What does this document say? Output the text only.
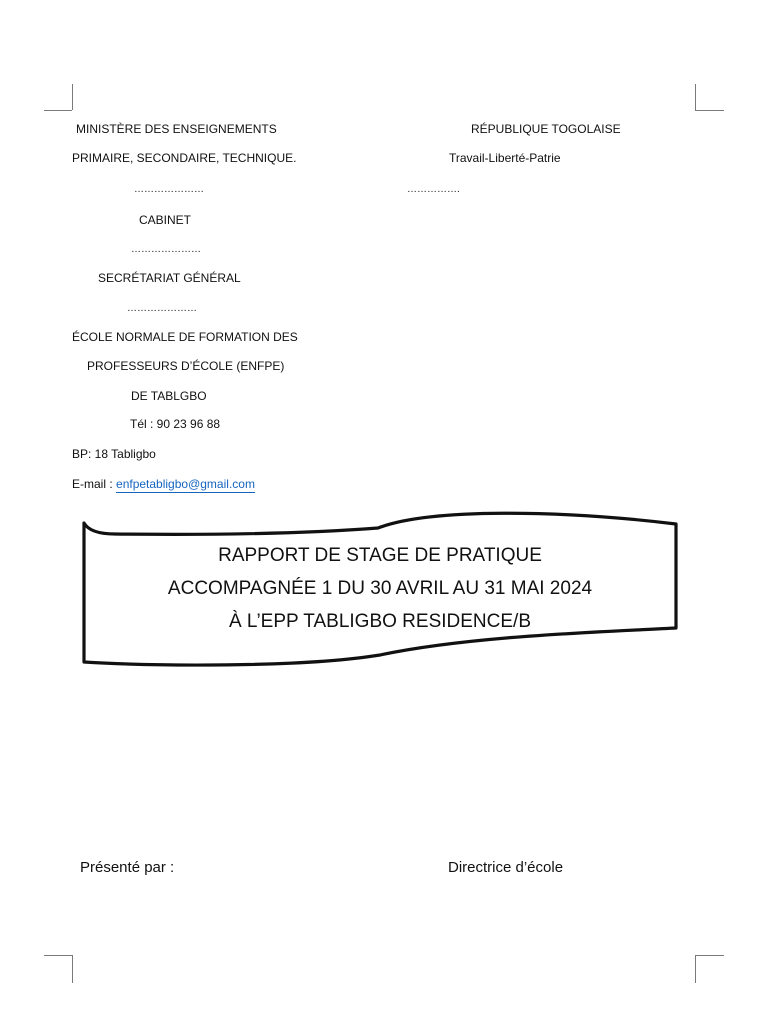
MINISTÈRE DES ENSEIGNEMENTS
PRIMAIRE, SECONDAIRE, TECHNIQUE.
…………………
CABINET
…………………
SECRÉTARIAT GÉNÉRAL
…………………
ÉCOLE NORMALE DE FORMATION DES
PROFESSEURS D’ÉCOLE (ENFPE)
DE TABLGBO
Tél : 90 23 96 88
BP: 18 Tabligbo
E-mail : enfpetabligbo@gmail.com
RÉPUBLIQUE TOGOLAISE
Travail-Liberté-Patrie
…………….
RAPPORT DE STAGE DE PRATIQUE
ACCOMPAGNÉE 1 DU 30 AVRIL AU 31 MAI 2024
À L’EPP TABLIGBO RESIDENCE/B
Présenté par :	Directrice d’école
